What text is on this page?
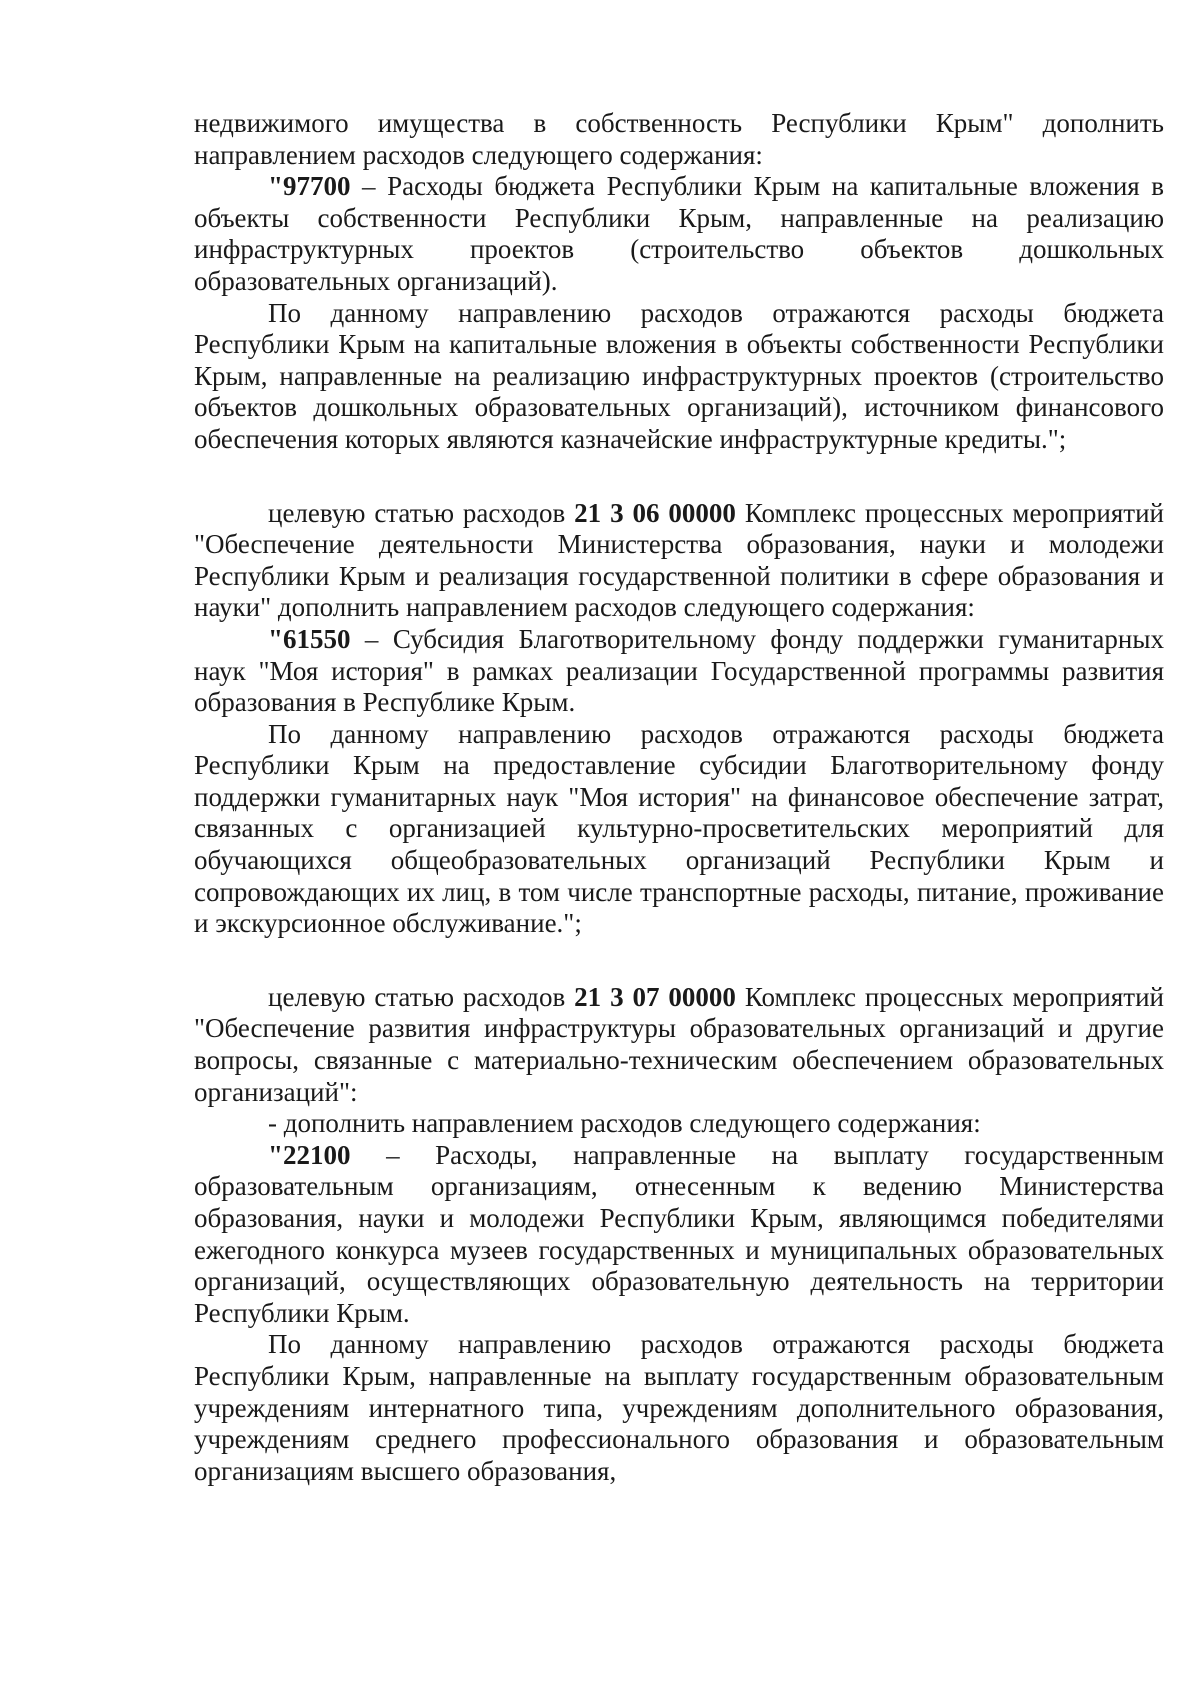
недвижимого имущества в собственность Республики Крым" дополнить направлением расходов следующего содержания:

"97700 – Расходы бюджета Республики Крым на капитальные вложения в объекты собственности Республики Крым, направленные на реализацию инфраструктурных проектов (строительство объектов дошкольных образовательных организаций).

По данному направлению расходов отражаются расходы бюджета Республики Крым на капитальные вложения в объекты собственности Республики Крым, направленные на реализацию инфраструктурных проектов (строительство объектов дошкольных образовательных организаций), источником финансового обеспечения которых являются казначейские инфраструктурные кредиты.";

целевую статью расходов 21 3 06 00000 Комплекс процессных мероприятий "Обеспечение деятельности Министерства образования, науки и молодежи Республики Крым и реализация государственной политики в сфере образования и науки" дополнить направлением расходов следующего содержания:

"61550 – Субсидия Благотворительному фонду поддержки гуманитарных наук "Моя история" в рамках реализации Государственной программы развития образования в Республике Крым.

По данному направлению расходов отражаются расходы бюджета Республики Крым на предоставление субсидии Благотворительному фонду поддержки гуманитарных наук "Моя история" на финансовое обеспечение затрат, связанных с организацией культурно-просветительских мероприятий для обучающихся общеобразовательных организаций Республики Крым и сопровождающих их лиц, в том числе транспортные расходы, питание, проживание и экскурсионное обслуживание.";

целевую статью расходов 21 3 07 00000 Комплекс процессных мероприятий "Обеспечение развития инфраструктуры образовательных организаций и другие вопросы, связанные с материально-техническим обеспечением образовательных организаций":

- дополнить направлением расходов следующего содержания:

"22100 – Расходы, направленные на выплату государственным образовательным организациям, отнесенным к ведению Министерства образования, науки и молодежи Республики Крым, являющимся победителями ежегодного конкурса музеев государственных и муниципальных образовательных организаций, осуществляющих образовательную деятельность на территории Республики Крым.

По данному направлению расходов отражаются расходы бюджета Республики Крым, направленные на выплату государственным образовательным учреждениям интернатного типа, учреждениям дополнительного образования, учреждениям среднего профессионального образования и образовательным организациям высшего образования,
